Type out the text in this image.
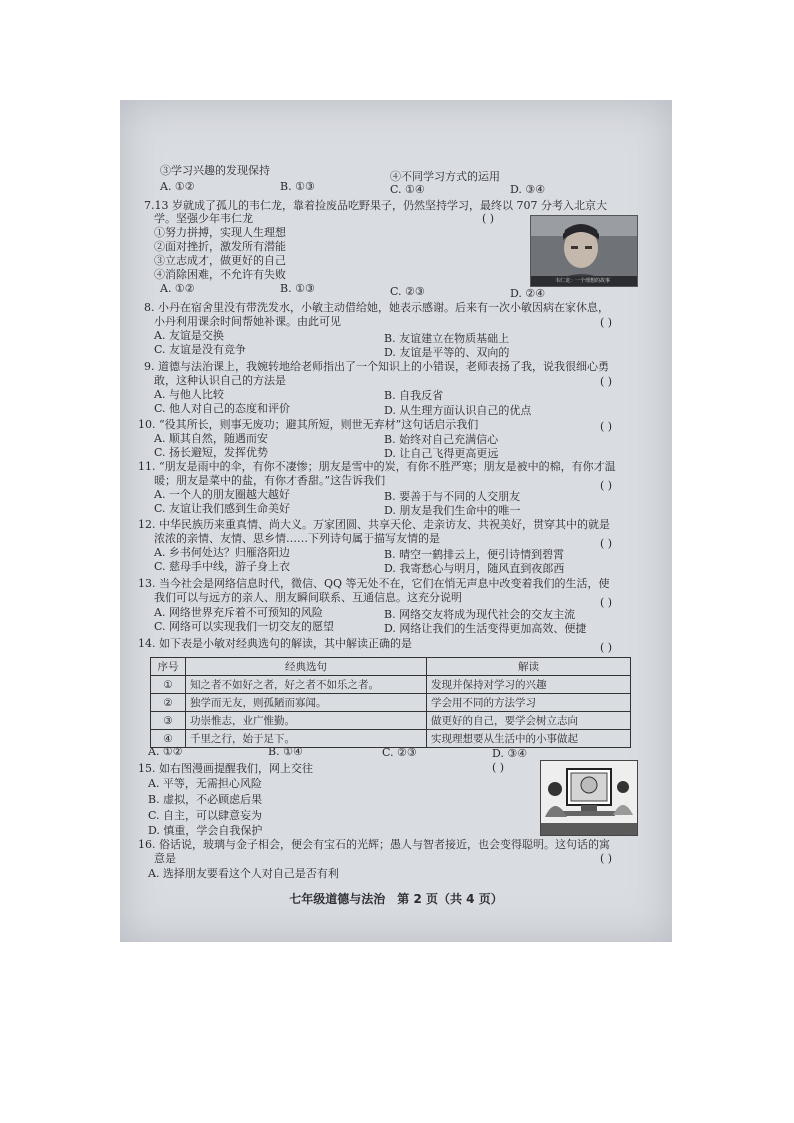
③学习兴趣的发现保持	④不同学习方式的运用
A. ①②	B. ①③	C. ①④	D. ③④
7.13 岁就成了孤儿的韦仁龙，靠着捡废品吃野果子，仍然坚持学习，最终以 707 分考入北京大
学。坚强少年韦仁龙	( )
①努力拼搏，实现人生理想
②面对挫折，激发所有潜能
③立志成才，做更好的自己
④消除困难，不允许有失败
A. ①②	B. ①③	C. ②③	D. ②④
韦仁龙：一个理想的故事
8. 小丹在宿舍里没有带洗发水，小敏主动借给她，她表示感谢。后来有一次小敏因病在家休息，
小丹利用课余时间帮她补课。由此可见	( )
A. 友谊是交换	B. 友谊建立在物质基础上
C. 友谊是没有竞争	D. 友谊是平等的、双向的
9. 道德与法治课上，我婉转地给老师指出了一个知识上的小错误，老师表扬了我，说我很细心勇
敢，这种认识自己的方法是	( )
A. 与他人比较	B. 自我反省
C. 他人对自己的态度和评价	D. 从生理方面认识自己的优点
10. “役其所长，则事无废功；避其所短，则世无弃材”这句话启示我们	( )
A. 顺其自然，随遇而安	B. 始终对自己充满信心
C. 扬长避短，发挥优势	D. 让自己飞得更高更远
11. “朋友是雨中的伞，有你不凄惨；朋友是雪中的炭，有你不胜严寒；朋友是被中的棉，有你才温
暖；朋友是菜中的盐，有你才香甜。”这告诉我们	( )
A. 一个人的朋友圈越大越好	B. 要善于与不同的人交朋友
C. 友谊让我们感到生命美好	D. 朋友是我们生命中的唯一
12. 中华民族历来重真情、尚大义。万家团圆、共享天伦、走亲访友、共祝美好，贯穿其中的就是
浓浓的亲情、友情、思乡情……下列诗句属于描写友情的是	( )
A. 乡书何处达？归雁洛阳边	B. 晴空一鹤排云上，便引诗情到碧霄
C. 慈母手中线，游子身上衣	D. 我寄愁心与明月，随风直到夜郎西
13. 当今社会是网络信息时代，微信、QQ 等无处不在，它们在悄无声息中改变着我们的生活，使
我们可以与远方的亲人、朋友瞬间联系、互通信息。这充分说明	( )
A. 网络世界充斥着不可预知的风险	B. 网络交友将成为现代社会的交友主流
C. 网络可以实现我们一切交友的愿望	D. 网络让我们的生活变得更加高效、便捷
14. 如下表是小敏对经典选句的解读，其中解读正确的是	( )
序号	经典选句	解读
①	知之者不如好之者，好之者不如乐之者。	发现并保持对学习的兴趣
②	独学而无友，则孤陋而寡闻。	学会用不同的方法学习
③	功崇惟志，业广惟勤。	做更好的自己，要学会树立志向
④	千里之行，始于足下。	实现理想要从生活中的小事做起
A. ①②	B. ①④	C. ②③	D. ③④
15. 如右图漫画提醒我们，网上交往	( )
A. 平等，无需担心风险
B. 虚拟，不必顾虑后果
C. 自主，可以肆意妄为
D. 慎重，学会自我保护
16. 俗话说，玻璃与金子相会，便会有宝石的光辉；愚人与智者接近，也会变得聪明。这句话的寓
意是	( )
A. 选择朋友要看这个人对自己是否有利
七年级道德与法治　第 2 页（共 4 页）
